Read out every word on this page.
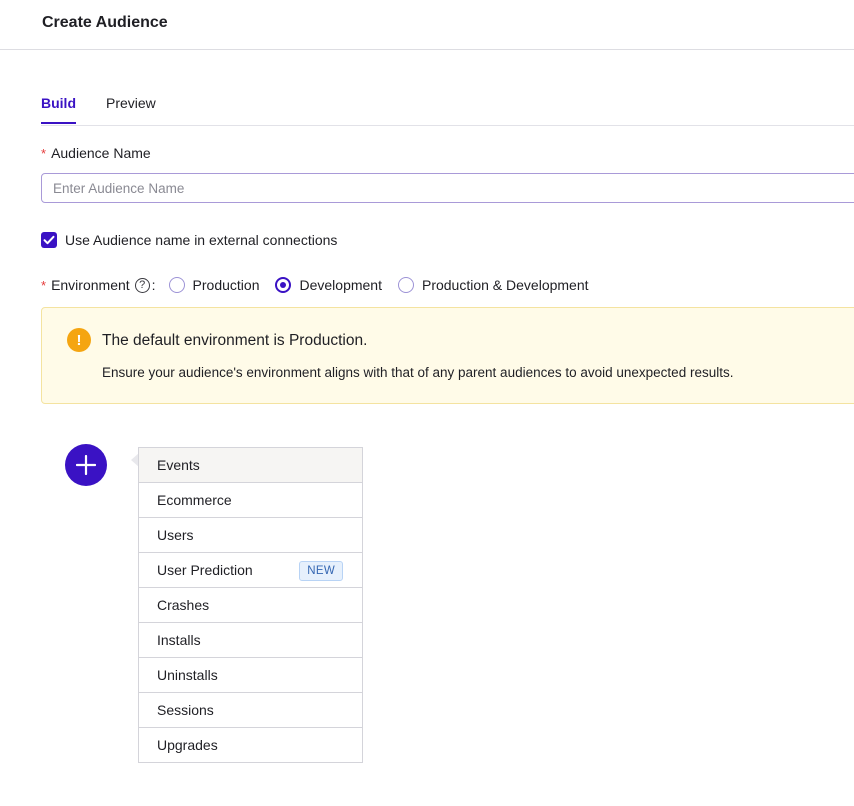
Create Audience
Build Preview
* Audience Name
Enter Audience Name
Use Audience name in external connections
* Environment ? :	Production	Development	Production & Development
!	The default environment is Production.
Ensure your audience's environment aligns with that of any parent audiences to avoid unexpected results.
Events
Ecommerce
Users
User Prediction	NEW
Crashes
Installs
Uninstalls
Sessions
Upgrades
